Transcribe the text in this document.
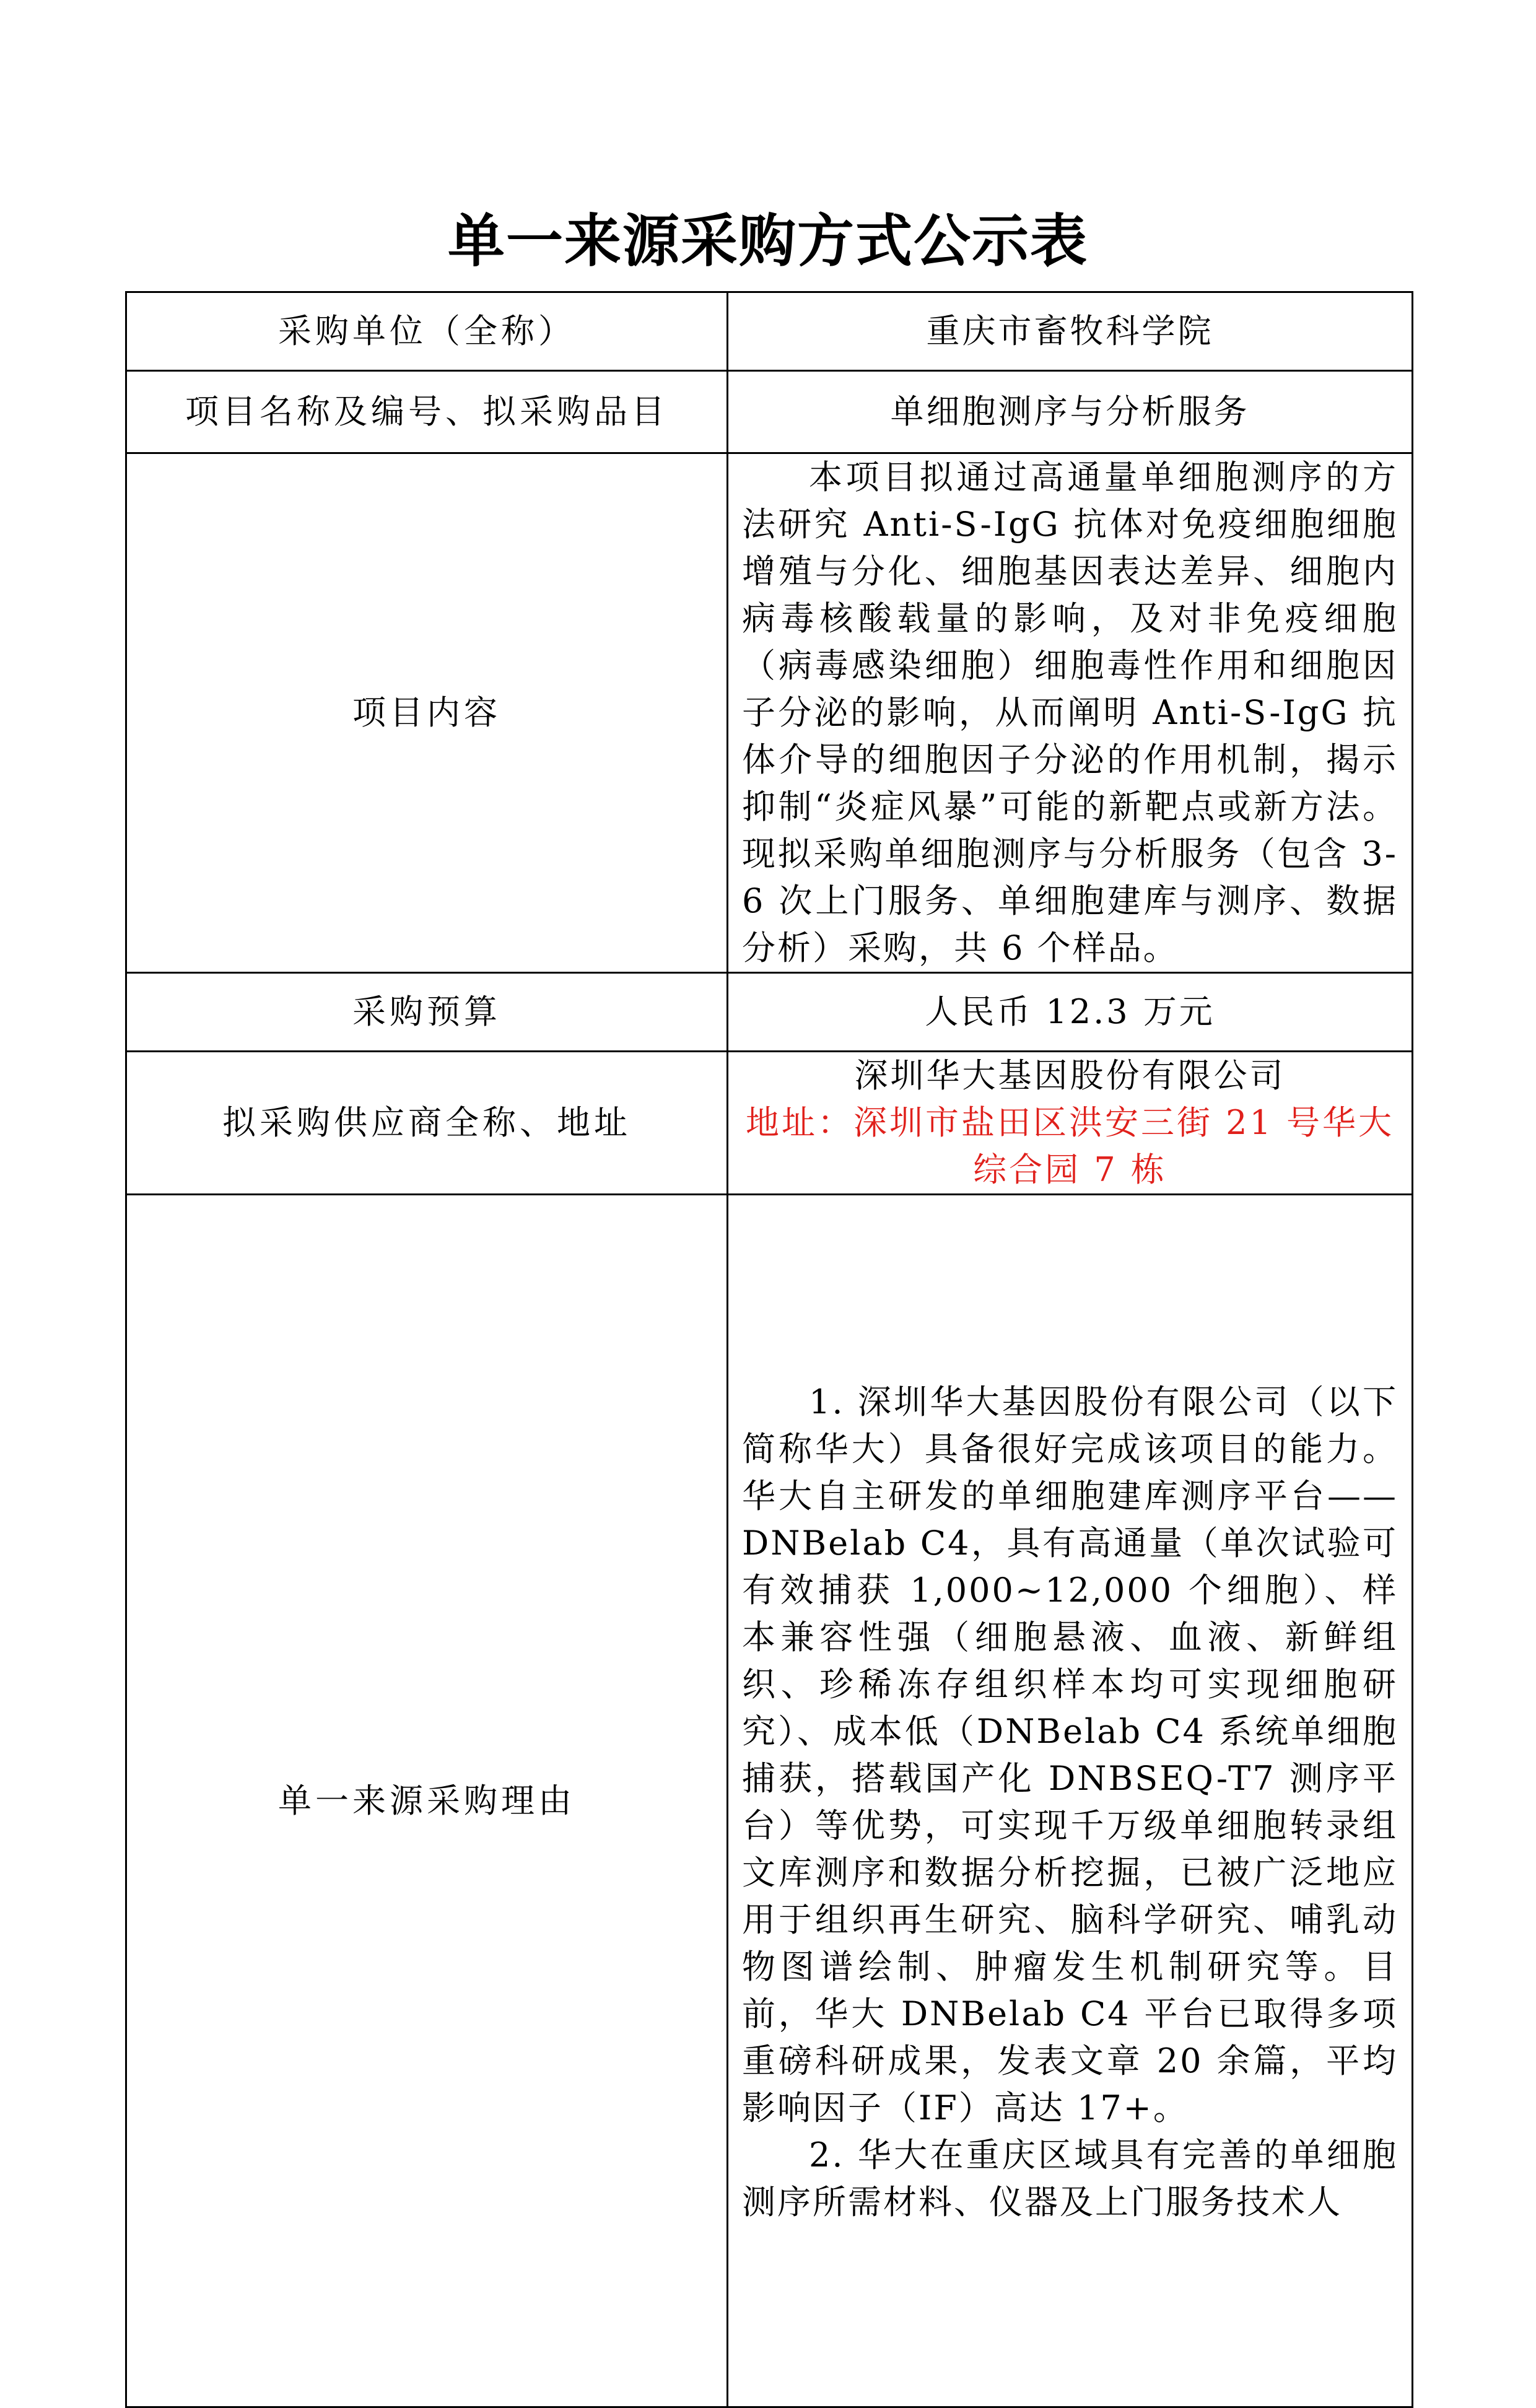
单一来源采购方式公示表
采购单位（全称）	重庆市畜牧科学院
项目名称及编号、拟采购品目	单细胞测序与分析服务
项目内容	本项目拟通过高通量单细胞测序的方法研究 Anti-S-IgG 抗体对免疫细胞细胞增殖与分化、细胞基因表达差异、细胞内病毒核酸载量的影响，及对非免疫细胞（病毒感染细胞）细胞毒性作用和细胞因子分泌的影响，从而阐明 Anti-S-IgG 抗体介导的细胞因子分泌的作用机制，揭示抑制“炎症风暴”可能的新靶点或新方法。现拟采购单细胞测序与分析服务（包含 3-6 次上门服务、单细胞建库与测序、数据分析）采购，共 6 个样品。

采购预算	人民币 12.3 万元
拟采购供应商全称、地址	深圳华大基因股份有限公司
地址：深圳市盐田区洪安三街 21 号华大综合园 7 栋

单一来源采购理由	1. 深圳华大基因股份有限公司（以下简称华大）具备很好完成该项目的能力。华大自主研发的单细胞建库测序平台——DNBelab C4，具有高通量（单次试验可有效捕获 1,000~12,000 个细胞）、样本兼容性强（细胞悬液、血液、新鲜组织、珍稀冻存组织样本均可实现细胞研究）、成本低（DNBelab C4 系统单细胞捕获，搭载国产化 DNBSEQ-T7 测序平台）等优势，可实现千万级单细胞转录组文库测序和数据分析挖掘，已被广泛地应用于组织再生研究、脑科学研究、哺乳动物图谱绘制、肿瘤发生机制研究等。目前，华大 DNBelab C4 平台已取得多项重磅科研成果，发表文章 20 余篇，平均影响因子（IF）高达 17+。
2. 华大在重庆区域具有完善的单细胞测序所需材料、仪器及上门服务技术人
